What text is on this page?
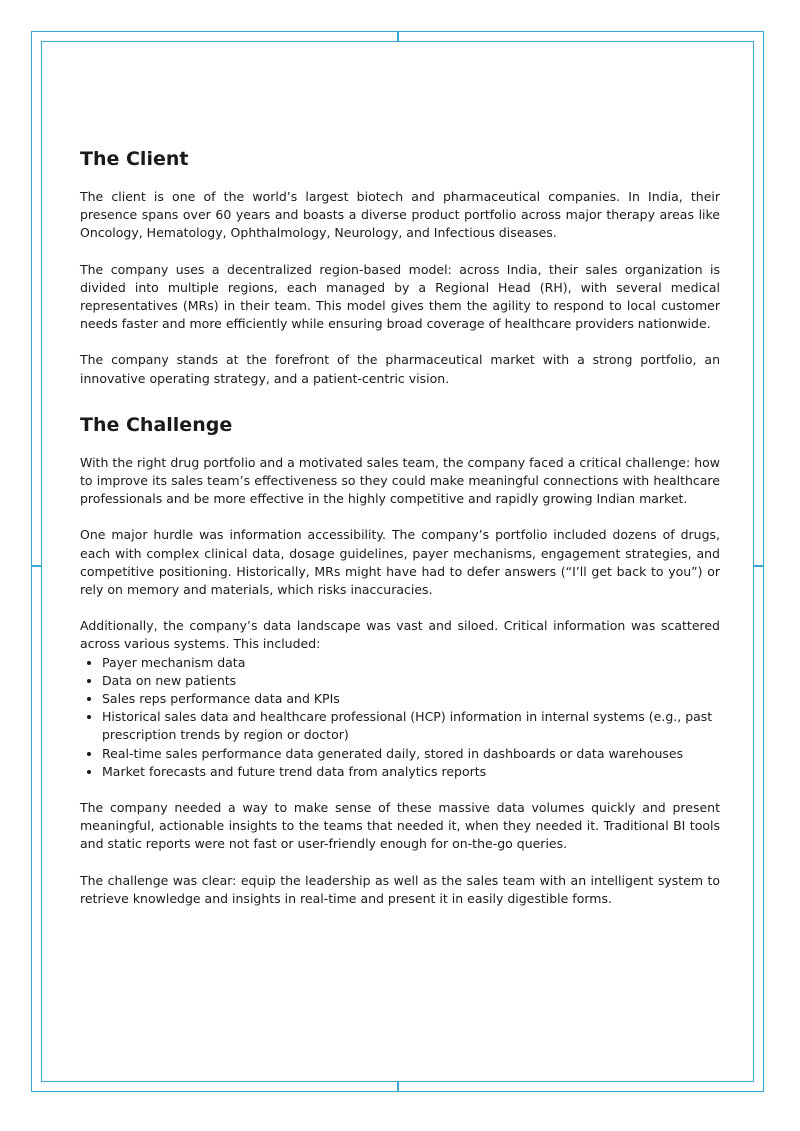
The Client

The client is one of the world’s largest biotech and pharmaceutical companies. In India, their presence spans over 60 years and boasts a diverse product portfolio across major therapy areas like Oncology, Hematology, Ophthalmology, Neurology, and Infectious diseases.

The company uses a decentralized region-based model: across India, their sales organization is divided into multiple regions, each managed by a Regional Head (RH), with several medical representatives (MRs) in their team. This model gives them the agility to respond to local customer needs faster and more efficiently while ensuring broad coverage of healthcare providers nationwide.

The company stands at the forefront of the pharmaceutical market with a strong portfolio, an innovative operating strategy, and a patient-centric vision.

The Challenge

With the right drug portfolio and a motivated sales team, the company faced a critical challenge: how to improve its sales team’s effectiveness so they could make meaningful connections with healthcare professionals and be more effective in the highly competitive and rapidly growing Indian market.

One major hurdle was information accessibility. The company’s portfolio included dozens of drugs, each with complex clinical data, dosage guidelines, payer mechanisms, engagement strategies, and competitive positioning. Historically, MRs might have had to defer answers (“I’ll get back to you”) or rely on memory and materials, which risks inaccuracies.

Additionally, the company’s data landscape was vast and siloed. Critical information was scattered across various systems. This included:

• Payer mechanism data
• Data on new patients
• Sales reps performance data and KPIs
• Historical sales data and healthcare professional (HCP) information in internal systems (e.g., past prescription trends by region or doctor)
• Real-time sales performance data generated daily, stored in dashboards or data warehouses
• Market forecasts and future trend data from analytics reports

The company needed a way to make sense of these massive data volumes quickly and present meaningful, actionable insights to the teams that needed it, when they needed it. Traditional BI tools and static reports were not fast or user-friendly enough for on-the-go queries.

The challenge was clear: equip the leadership as well as the sales team with an intelligent system to retrieve knowledge and insights in real-time and present it in easily digestible forms.
